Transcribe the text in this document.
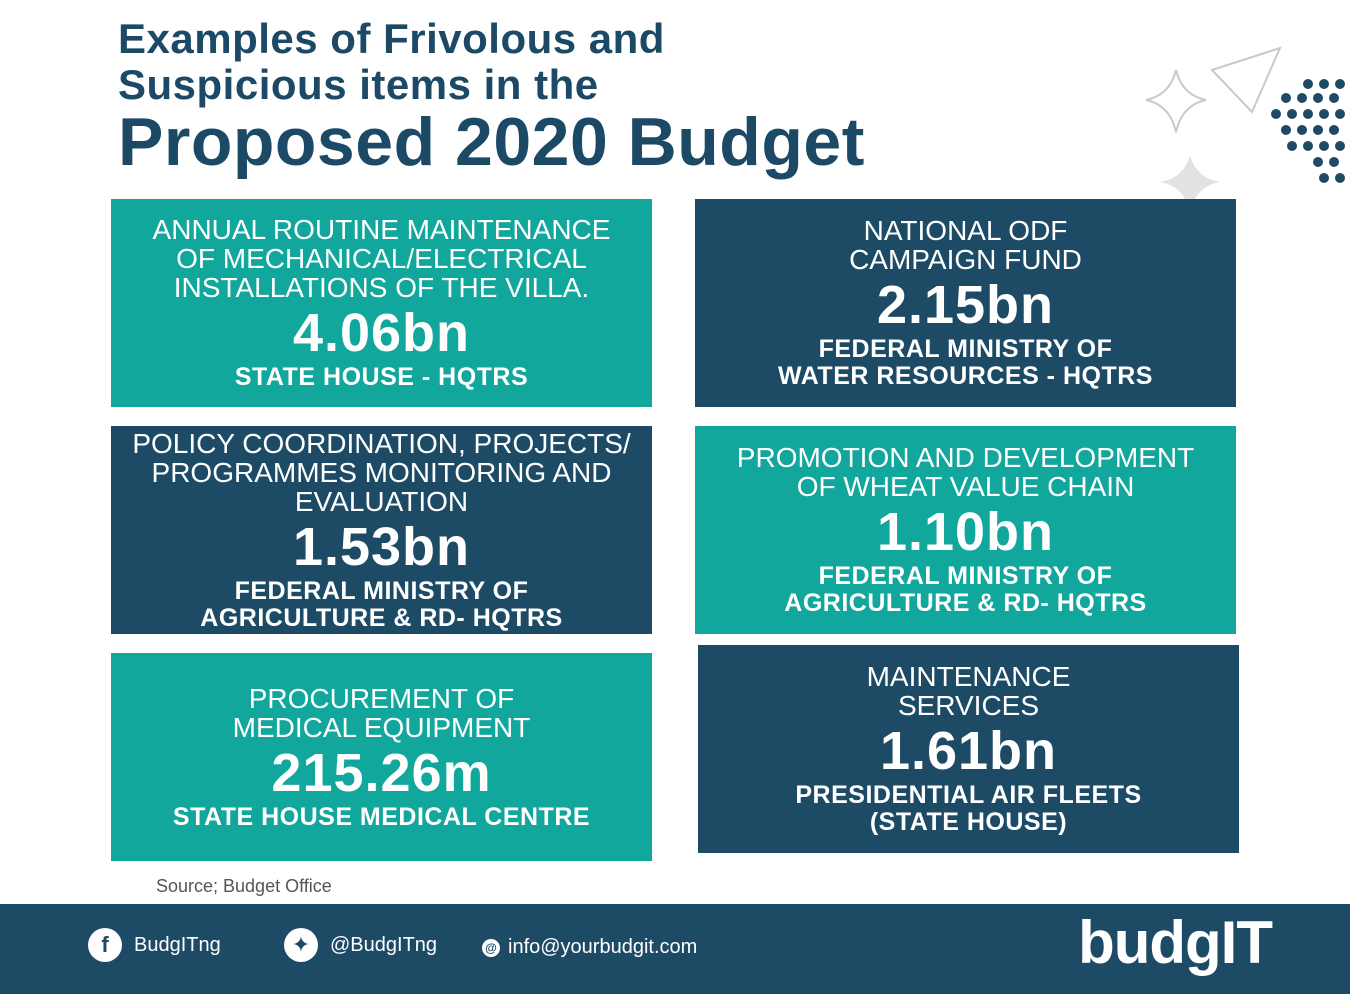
Examples of Frivolous and
Suspicious items in the
Proposed 2020 Budget

ANNUAL ROUTINE MAINTENANCE
OF MECHANICAL/ELECTRICAL
INSTALLATIONS OF THE VILLA.

4.06bn

STATE HOUSE - HQTRS

NATIONAL ODF
CAMPAIGN FUND

2.15bn

FEDERAL MINISTRY OF
WATER RESOURCES - HQTRS

POLICY COORDINATION, PROJECTS/
PROGRAMMES MONITORING AND
EVALUATION

1.53bn

FEDERAL MINISTRY OF
AGRICULTURE & RD- HQTRS

PROMOTION AND DEVELOPMENT
OF WHEAT VALUE CHAIN

1.10bn

FEDERAL MINISTRY OF
AGRICULTURE & RD- HQTRS

PROCUREMENT OF
MEDICAL EQUIPMENT

215.26m

STATE HOUSE MEDICAL CENTRE

MAINTENANCE
SERVICES

1.61bn

PRESIDENTIAL AIR FLEETS
(STATE HOUSE)

Source; Budget Office

f	BudgITng	✦ @BudgITng	@ info@yourbudgit.com	budgIT
